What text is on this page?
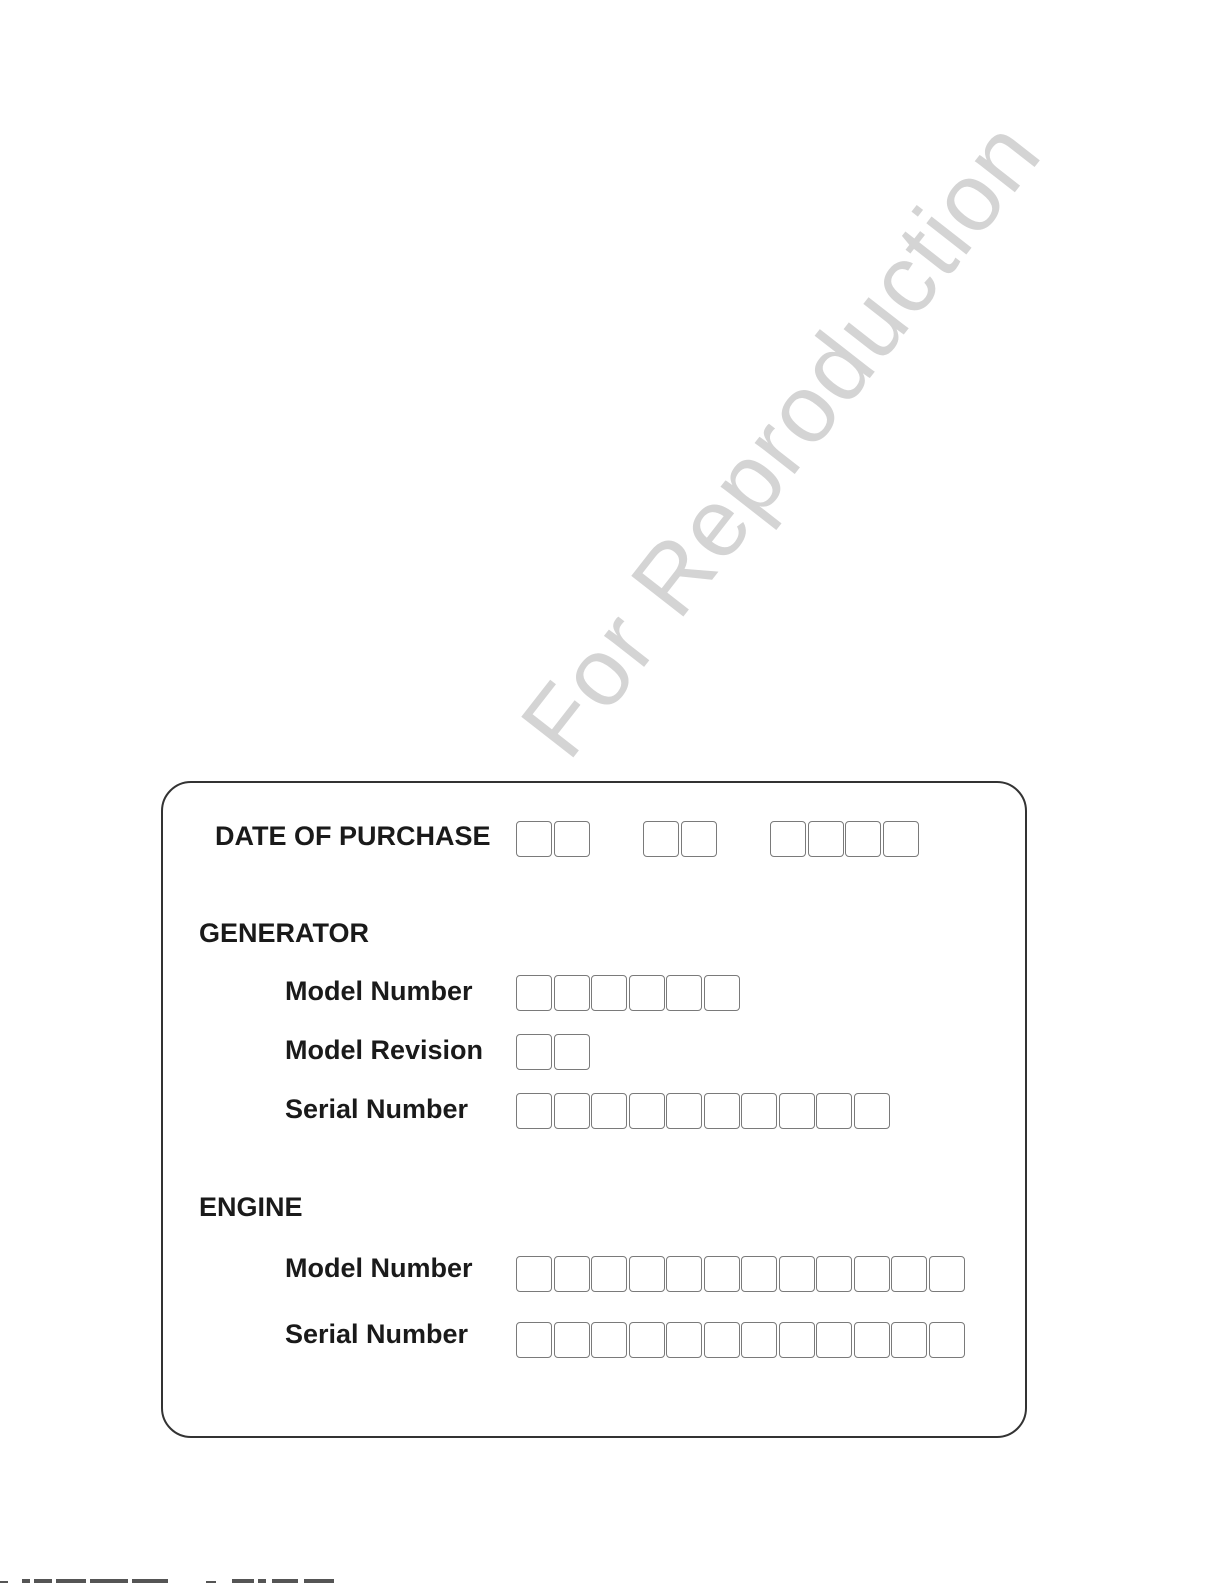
For Reproduction
DATE OF PURCHASE
GENERATOR
Model Number
Model Revision
Serial Number
ENGINE
Model Number
Serial Number
